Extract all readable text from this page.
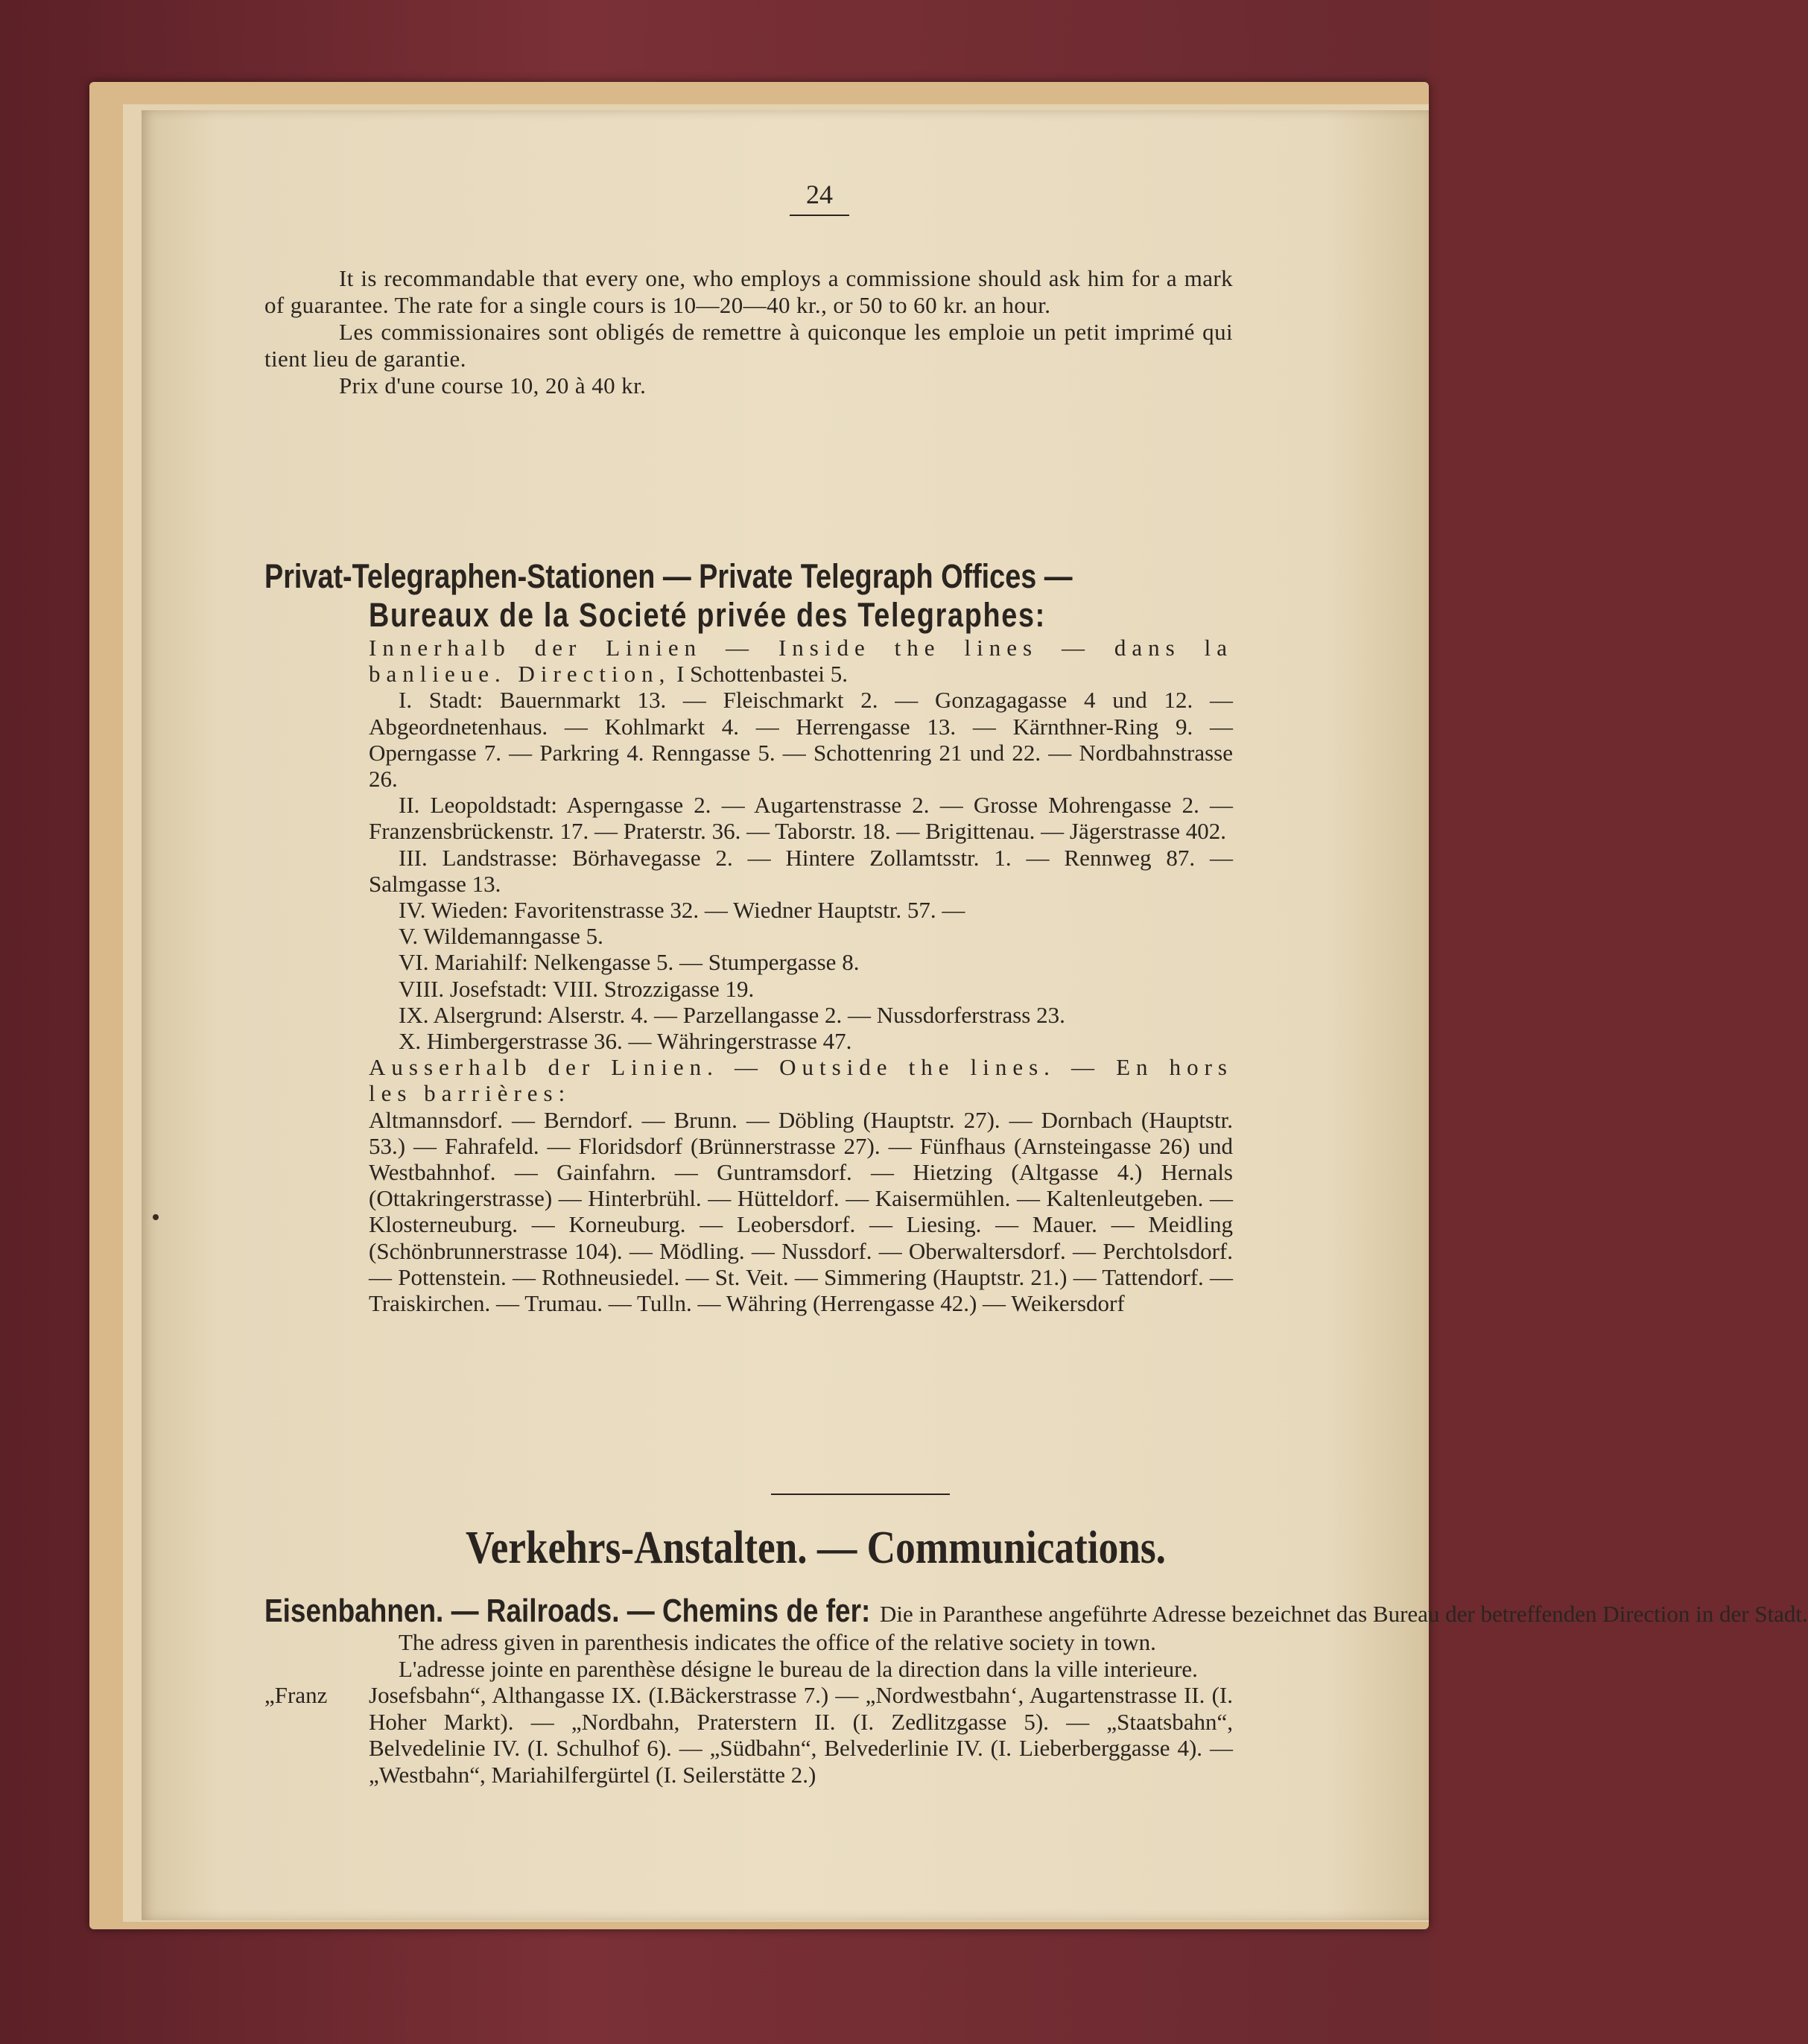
24

It is recommandable that every one, who employs a commissione should ask him for a mark of guarantee. The rate for a single cours is 10—20—40 kr., or 50 to 60 kr. an hour.

Les commissionaires sont obligés de remettre à quiconque les emploie un petit imprimé qui tient lieu de garantie.

Prix d'une course 10, 20 à 40 kr.

Privat-Telegraphen-Stationen — Private Telegraph Offices —
Bureaux de la Societé privée des Telegraphes:

Innerhalb der Linien — Inside the lines — dans la banlieue. Direction, I Schottenbastei 5.

I. Stadt: Bauernmarkt 13. — Fleischmarkt 2. — Gonzagagasse 4 und 12. — Abgeordnetenhaus. — Kohlmarkt 4. — Herrengasse 13. — Kärnthner-Ring 9. — Operngasse 7. — Parkring 4. Renngasse 5. — Schottenring 21 und 22. — Nordbahnstrasse 26.

II. Leopoldstadt: Asperngasse 2. — Augartenstrasse 2. — Grosse Mohrengasse 2. — Franzensbrückenstr. 17. — Praterstr. 36. — Taborstr. 18. — Brigittenau. — Jägerstrasse 402.

III. Landstrasse: Börhavegasse 2. — Hintere Zollamtsstr. 1. — Rennweg 87. — Salmgasse 13.

IV. Wieden: Favoritenstrasse 32. — Wiedner Hauptstr. 57. —

V. Wildemanngasse 5.

VI. Mariahilf: Nelkengasse 5. — Stumpergasse 8.

VIII. Josefstadt: VIII. Strozzigasse 19.

IX. Alsergrund: Alserstr. 4. — Parzellangasse 2. — Nussdorferstrass 23.

X. Himbergerstrasse 36. — Währingerstrasse 47.

Ausserhalb der Linien. — Outside the lines. — En hors les barrières:

Altmannsdorf. — Berndorf. — Brunn. — Döbling (Hauptstr. 27). — Dornbach (Hauptstr. 53.) — Fahrafeld. — Floridsdorf (Brünnerstrasse 27). — Fünfhaus (Arnsteingasse 26) und Westbahnhof. — Gainfahrn. — Guntramsdorf. — Hietzing (Altgasse 4.) Hernals (Ottakringerstrasse) — Hinterbrühl. — Hütteldorf. — Kaisermühlen. — Kaltenleutgeben. — Klosterneuburg. — Korneuburg. — Leobersdorf. — Liesing. — Mauer. — Meidling (Schönbrunnerstrasse 104). — Mödling. — Nussdorf. — Oberwaltersdorf. — Perchtolsdorf. — Pottenstein. — Rothneusiedel. — St. Veit. — Simmering (Hauptstr. 21.) — Tattendorf. — Traiskirchen. — Trumau. — Tulln. — Währing (Herrengasse 42.) — Weikersdorf

Verkehrs-Anstalten. — Communications.
Eisenbahnen. — Railroads. — Chemins de fer: Die in Paranthese angeführte Adresse bezeichnet das Bureau der betreffenden Direction in der Stadt.

The adress given in parenthesis indicates the office of the relative society in town.

L'adresse jointe en parenthèse désigne le bureau de la direction dans la ville interieure.

„Franz Josefsbahn“, Althangasse IX. (I.Bäckerstrasse 7.) — „Nordwestbahn‘, Augartenstrasse II. (I. Hoher Markt). — „Nordbahn, Praterstern II. (I. Zedlitzgasse 5). — „Staatsbahn“, Belvedelinie IV. (I. Schulhof 6). — „Südbahn“, Belvederlinie IV. (I. Lieberberggasse 4). — „Westbahn“, Mariahilfergürtel (I. Seilerstätte 2.)
